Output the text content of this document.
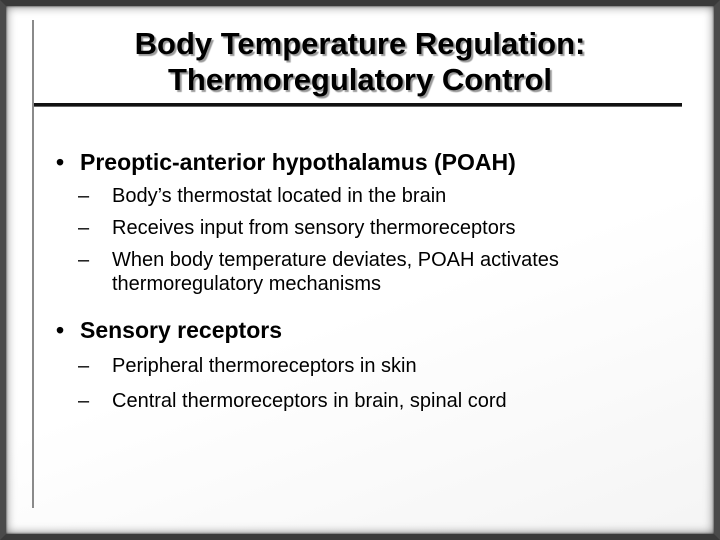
Body Temperature Regulation:
Thermoregulatory Control
• Preoptic-anterior hypothalamus (POAH)
– Body’s thermostat located in the brain
– Receives input from sensory thermoreceptors
– When body temperature deviates, POAH activates
thermoregulatory mechanisms
• Sensory receptors
– Peripheral thermoreceptors in skin
– Central thermoreceptors in brain, spinal cord
